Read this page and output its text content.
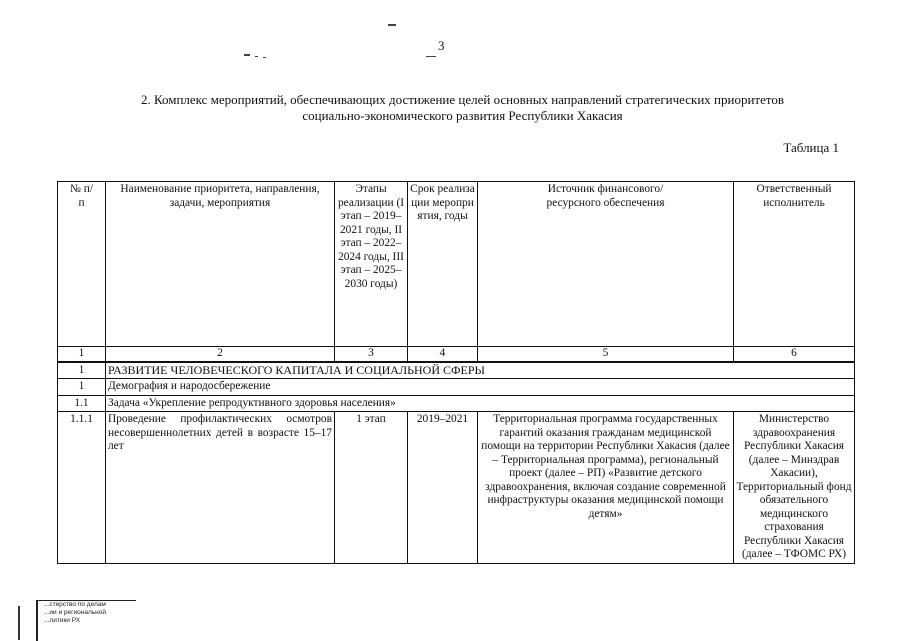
3
2. Комплекс мероприятий, обеспечивающих достижение целей основных направлений стратегических приоритетов
социально-экономического развития Республики Хакасия
Таблица 1
№ п/п	Наименование приоритета, направления, задачи, мероприятия	Этапы реализации (I этап – 2019–2021 годы, II этап – 2022–2024 годы, III этап – 2025–2030 годы)	Срок реализации мероприятия, годы	Источник финансового/ ресурсного обеспечения	Ответственный исполнитель
1	2	3	4	5	6
1	РАЗВИТИЕ ЧЕЛОВЕЧЕСКОГО КАПИТАЛА И СОЦИАЛЬНОЙ СФЕРЫ				
1	Демография и народосбережение				
1.1	Задача «Укрепление репродуктивного здоровья населения»				
1.1.1	Проведение профилактических осмотров несовершеннолетних детей в возрасте 15–17 лет	1 этап	2019–2021	Территориальная программа государственных гарантий оказания гражданам медицинской помощи на территории Республики Хакасия (далее – Территориальная программа), региональный проект (далее – РП) «Развитие детского здравоохранения, включая создание современной инфраструктуры оказания медицинской помощи детям»	Министерство здравоохранения Республики Хакасия (далее – Минздрав Хакасии), Территориальный фонд обязательного медицинского страхования Республики Хакасия (далее – ТФОМС РХ)
...стерство по делам
...ии и региональной
...литики РХ
